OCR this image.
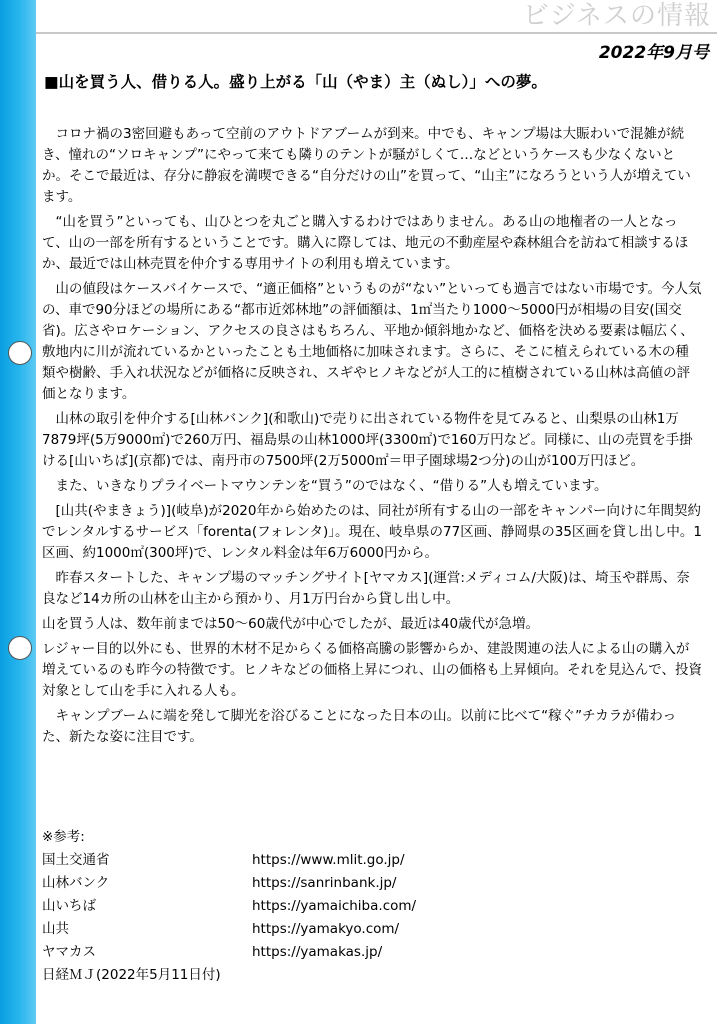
ビジネスの情報
2022年9月号
■山を買う人、借りる人。盛り上がる「山（やま）主（ぬし）」への夢。

　コロナ禍の3密回避もあって空前のアウトドアブームが到来。中でも、キャンプ場は大賑わいで混雑が続き、憧れの“ソロキャンプ”にやって来ても隣りのテントが騒がしくて…などというケースも少なくないとか。そこで最近は、存分に静寂を満喫できる“自分だけの山”を買って、“山主”になろうという人が増えています。

　“山を買う”といっても、山ひとつを丸ごと購入するわけではありません。ある山の地権者の一人となって、山の一部を所有するということです。購入に際しては、地元の不動産屋や森林組合を訪ねて相談するほか、最近では山林売買を仲介する専用サイトの利用も増えています。

　山の値段はケースバイケースで、“適正価格”というものが“ない”といっても過言ではない市場です。今人気の、車で90分ほどの場所にある“都市近郊林地”の評価額は、1㎡当たり1000～5000円が相場の目安(国交省)。広さやロケーション、アクセスの良さはもちろん、平地か傾斜地かなど、価格を決める要素は幅広く、敷地内に川が流れているかといったことも土地価格に加味されます。さらに、そこに植えられている木の種類や樹齢、手入れ状況などが価格に反映され、スギやヒノキなどが人工的に植樹されている山林は高値の評価となります。

　山林の取引を仲介する[山林バンク](和歌山)で売りに出されている物件を見てみると、山梨県の山林1万7879坪(5万9000㎡)で260万円、福島県の山林1000坪(3300㎡)で160万円など。同様に、山の売買を手掛ける[山いちば](京都)では、南丹市の7500坪(2万5000㎡＝甲子園球場2つ分)の山が100万円ほど。

　また、いきなりプライベートマウンテンを“買う”のではなく、“借りる”人も増えています。

　[山共(やまきょう)](岐阜)が2020年から始めたのは、同社が所有する山の一部をキャンパー向けに年間契約でレンタルするサービス「forenta(フォレンタ)」。現在、岐阜県の77区画、静岡県の35区画を貸し出し中。1区画、約1000㎡(300坪)で、レンタル料金は年6万6000円から。

　昨春スタートした、キャンプ場のマッチングサイト[ヤマカス](運営:メディコム/大阪)は、埼玉や群馬、奈良など14カ所の山林を山主から預かり、月1万円台から貸し出し中。

山を買う人は、数年前までは50～60歳代が中心でしたが、最近は40歳代が急増。

レジャー目的以外にも、世界的木材不足からくる価格高騰の影響からか、建設関連の法人による山の購入が増えているのも昨今の特徴です。ヒノキなどの価格上昇につれ、山の価格も上昇傾向。それを見込んで、投資対象として山を手に入れる人も。

　キャンプブームに端を発して脚光を浴びることになった日本の山。以前に比べて“稼ぐ”チカラが備わった、新たな姿に注目です。

※参考:
国土交通省	https://www.mlit.go.jp/
山林バンク	https://sanrinbank.jp/
山いちば	https://yamaichiba.com/
山共	https://yamakyo.com/
ヤマカス	https://yamakas.jp/
日経ＭＪ(2022年5月11日付)
